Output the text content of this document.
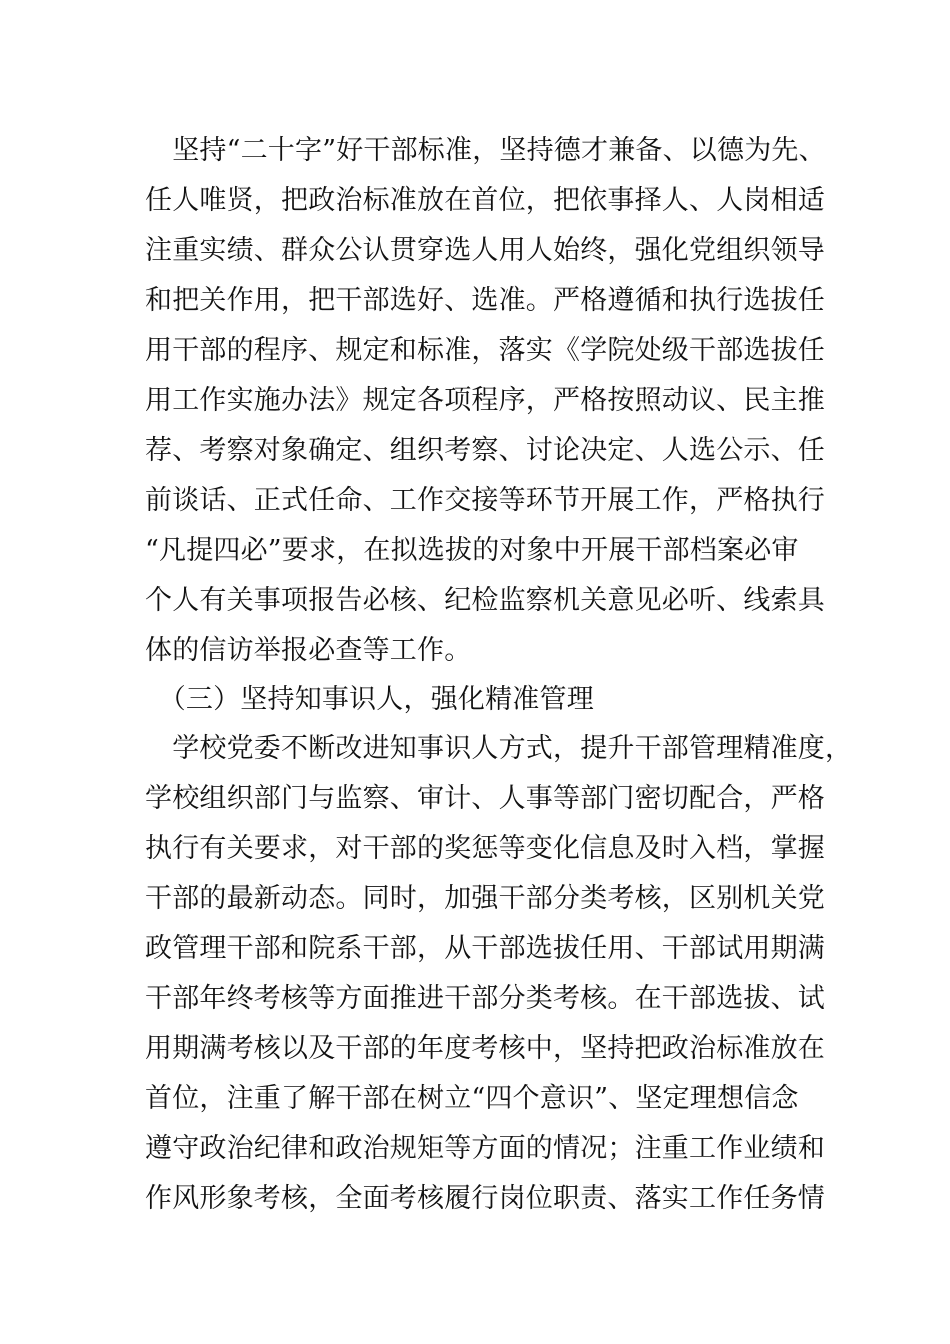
　坚持“二十字”好干部标准，坚持德才兼备、以德为先、
任人唯贤，把政治标准放在首位，把依事择人、人岗相适
注重实绩、群众公认贯穿选人用人始终，强化党组织领导
和把关作用，把干部选好、选准。严格遵循和执行选拔任
用干部的程序、规定和标准，落实《学院处级干部选拔任
用工作实施办法》规定各项程序，严格按照动议、民主推
荐、考察对象确定、组织考察、讨论决定、人选公示、任
前谈话、正式任命、工作交接等环节开展工作，严格执行
“凡提四必”要求，在拟选拔的对象中开展干部档案必审
个人有关事项报告必核、纪检监察机关意见必听、线索具
体的信访举报必查等工作。
　（三）坚持知事识人，强化精准管理
　学校党委不断改进知事识人方式，提升干部管理精准度，
学校组织部门与监察、审计、人事等部门密切配合，严格
执行有关要求，对干部的奖惩等变化信息及时入档，掌握
干部的最新动态。同时，加强干部分类考核，区别机关党
政管理干部和院系干部，从干部选拔任用、干部试用期满
干部年终考核等方面推进干部分类考核。在干部选拔、试
用期满考核以及干部的年度考核中，坚持把政治标准放在
首位，注重了解干部在树立“四个意识”、坚定理想信念
遵守政治纪律和政治规矩等方面的情况；注重工作业绩和
作风形象考核，全面考核履行岗位职责、落实工作任务情
